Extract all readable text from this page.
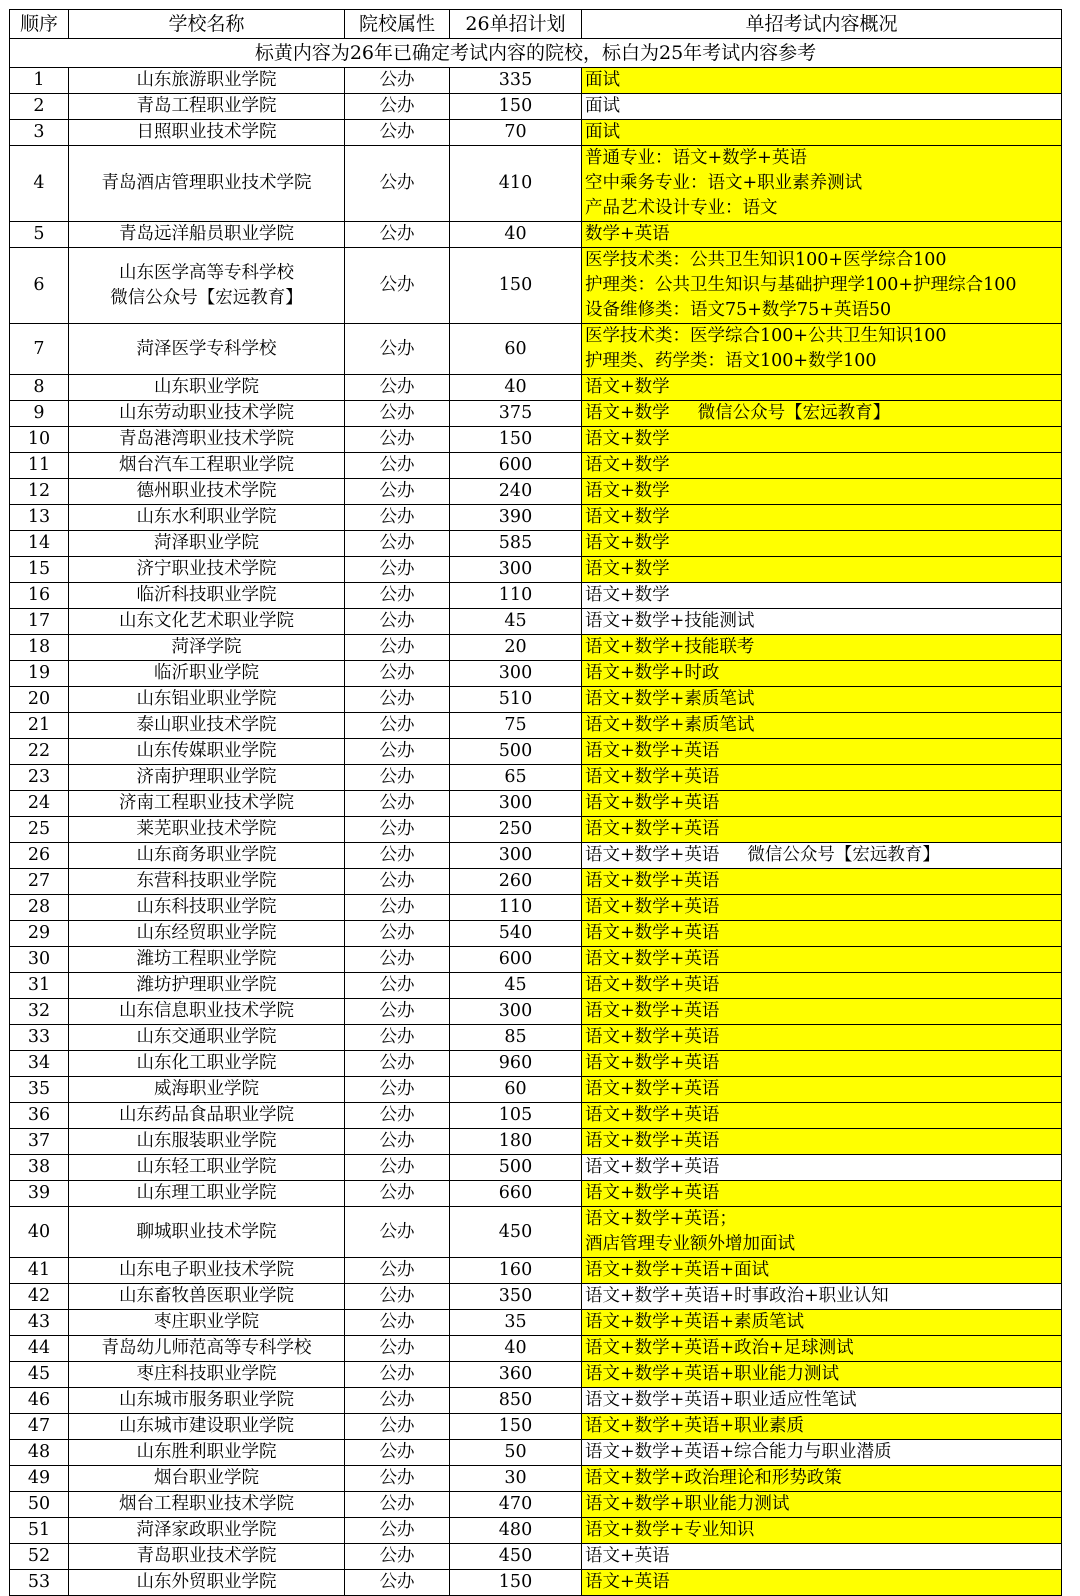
顺序	学校名称	院校属性	26单招计划	单招考试内容概况
标黄内容为26年已确定考试内容的院校，标白为25年考试内容参考				
1	山东旅游职业学院	公办	335	面试

2	青岛工程职业学院	公办	150	面试

3	日照职业技术学院	公办	70	面试

4	青岛酒店管理职业技术学院	公办	410	普通专业：语文+数学+英语
空中乘务专业：语文+职业素养测试
产品艺术设计专业：语文

5	青岛远洋船员职业学院	公办	40	数学+英语

6	山东医学高等专科学校
微信公众号【宏远教育】	公办	150	医学技术类：公共卫生知识100+医学综合100
护理类：公共卫生知识与基础护理学100+护理综合100
设备维修类：语文75+数学75+英语50

7	菏泽医学专科学校	公办	60	医学技术类：医学综合100+公共卫生知识100
护理类、药学类：语文100+数学100

8	山东职业学院	公办	40	语文+数学

9	山东劳动职业技术学院	公办	375	语文+数学 微信公众号【宏远教育】

10	青岛港湾职业技术学院	公办	150	语文+数学

11	烟台汽车工程职业学院	公办	600	语文+数学

12	德州职业技术学院	公办	240	语文+数学

13	山东水利职业学院	公办	390	语文+数学

14	菏泽职业学院	公办	585	语文+数学

15	济宁职业技术学院	公办	300	语文+数学

16	临沂科技职业学院	公办	110	语文+数学

17	山东文化艺术职业学院	公办	45	语文+数学+技能测试

18	菏泽学院	公办	20	语文+数学+技能联考

19	临沂职业学院	公办	300	语文+数学+时政

20	山东铝业职业学院	公办	510	语文+数学+素质笔试

21	泰山职业技术学院	公办	75	语文+数学+素质笔试

22	山东传媒职业学院	公办	500	语文+数学+英语

23	济南护理职业学院	公办	65	语文+数学+英语

24	济南工程职业技术学院	公办	300	语文+数学+英语

25	莱芜职业技术学院	公办	250	语文+数学+英语

26	山东商务职业学院	公办	300	语文+数学+英语 微信公众号【宏远教育】

27	东营科技职业学院	公办	260	语文+数学+英语

28	山东科技职业学院	公办	110	语文+数学+英语

29	山东经贸职业学院	公办	540	语文+数学+英语

30	潍坊工程职业学院	公办	600	语文+数学+英语

31	潍坊护理职业学院	公办	45	语文+数学+英语

32	山东信息职业技术学院	公办	300	语文+数学+英语

33	山东交通职业学院	公办	85	语文+数学+英语

34	山东化工职业学院	公办	960	语文+数学+英语

35	威海职业学院	公办	60	语文+数学+英语

36	山东药品食品职业学院	公办	105	语文+数学+英语

37	山东服装职业学院	公办	180	语文+数学+英语

38	山东轻工职业学院	公办	500	语文+数学+英语

39	山东理工职业学院	公办	660	语文+数学+英语

40	聊城职业技术学院	公办	450	语文+数学+英语；
酒店管理专业额外增加面试

41	山东电子职业技术学院	公办	160	语文+数学+英语+面试

42	山东畜牧兽医职业学院	公办	350	语文+数学+英语+时事政治+职业认知

43	枣庄职业学院	公办	35	语文+数学+英语+素质笔试

44	青岛幼儿师范高等专科学校	公办	40	语文+数学+英语+政治+足球测试

45	枣庄科技职业学院	公办	360	语文+数学+英语+职业能力测试

46	山东城市服务职业学院	公办	850	语文+数学+英语+职业适应性笔试

47	山东城市建设职业学院	公办	150	语文+数学+英语+职业素质

48	山东胜利职业学院	公办	50	语文+数学+英语+综合能力与职业潜质

49	烟台职业学院	公办	30	语文+数学+政治理论和形势政策

50	烟台工程职业技术学院	公办	470	语文+数学+职业能力测试

51	菏泽家政职业学院	公办	480	语文+数学+专业知识

52	青岛职业技术学院	公办	450	语文+英语

53	山东外贸职业学院	公办	150	语文+英语
